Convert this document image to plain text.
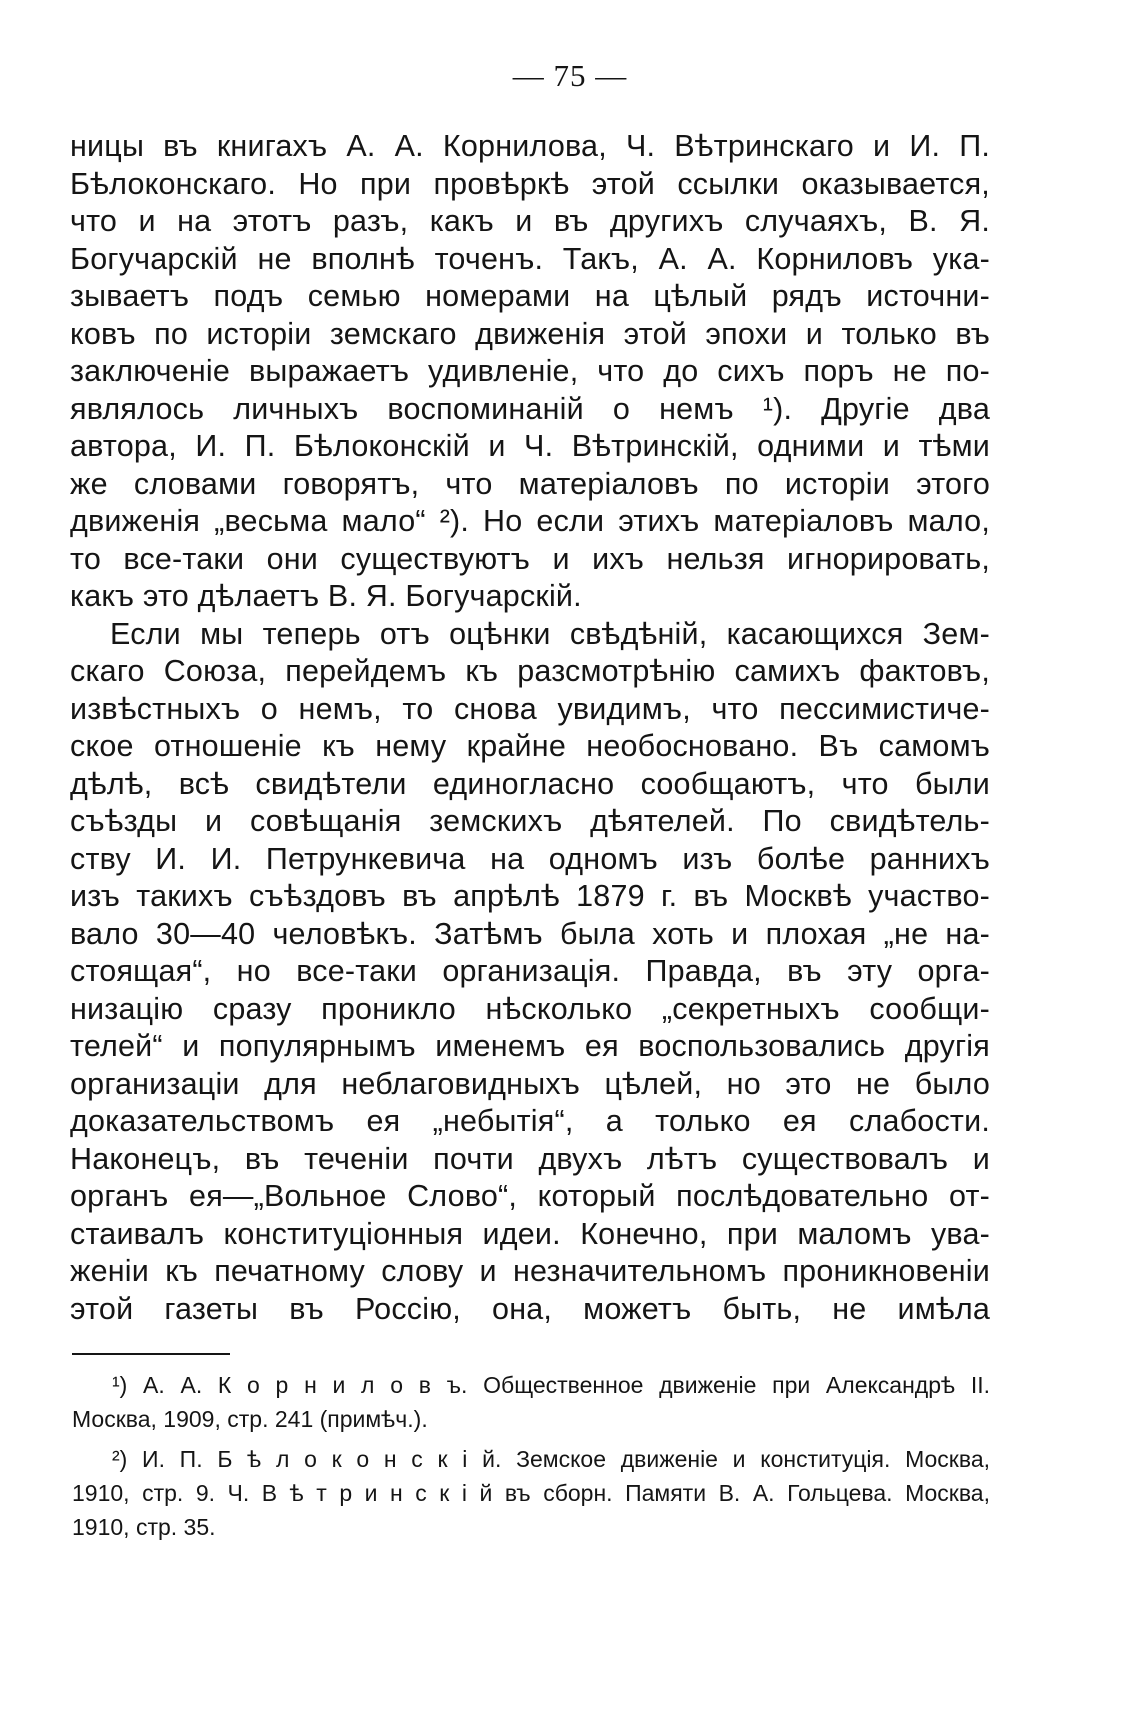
— 75 —
ницы въ книгахъ А. А. Корнилова, Ч. Вѣтринскаго и И. П.
Бѣлоконскаго. Но при провѣркѣ этой ссылки оказывается,
что и на этотъ разъ, какъ и въ другихъ случаяхъ, В. Я.
Богучарскій не вполнѣ точенъ. Такъ, А. А. Корниловъ ука-
зываетъ подъ семью номерами на цѣлый рядъ источни-
ковъ по исторіи земскаго движенія этой эпохи и только въ
заключеніе выражаетъ удивленіе, что до сихъ поръ не по-
являлось личныхъ воспоминаній о немъ ¹). Другіе два
автора, И. П. Бѣлоконскій и Ч. Вѣтринскій, одними и тѣми
же словами говорятъ, что матеріаловъ по исторіи этого
движенія „весьма мало“ ²). Но если этихъ матеріаловъ мало,
то все-таки они существуютъ и ихъ нельзя игнорировать,
какъ это дѣлаетъ В. Я. Богучарскій.
Если мы теперь отъ оцѣнки свѣдѣній, касающихся Зем-
скаго Союза, перейдемъ къ разсмотрѣнію самихъ фактовъ,
извѣстныхъ о немъ, то снова увидимъ, что пессимистиче-
ское отношеніе къ нему крайне необоснованo. Въ самомъ
дѣлѣ, всѣ свидѣтели единогласно сообщаютъ, что были
съѣзды и совѣщанія земскихъ дѣятелей. По свидѣтель-
ству И. И. Петрункевича на одномъ изъ болѣе раннихъ
изъ такихъ съѣздовъ въ апрѣлѣ 1879 г. въ Москвѣ участво-
вало 30—40 человѣкъ. Затѣмъ была хоть и плохая „не на-
стоящая“, но все-таки организація. Правда, въ эту орга-
низацію сразу проникло нѣсколько „секретныхъ сообщи-
телей“ и популярнымъ именемъ ея воспользовались другія
организаціи для неблаговидныхъ цѣлей, но это не было
доказательствомъ ея „небытія“, а только ея слабости.
Наконецъ, въ теченіи почти двухъ лѣтъ существовалъ и
органъ ея—„Вольное Слово“, который послѣдовательно от-
стаивалъ конституціонныя идеи. Конечно, при маломъ ува-
женіи къ печатному слову и незначительномъ проникновеніи
этой газеты въ Россію, она, можетъ быть, не имѣла
¹) А. А. К о р н и л о в ъ. Общественное движеніе при Александрѣ II.
Москва, 1909, стр. 241 (примѣч.).
²) И. П. Б ѣ л о к о н с к і й. Земское движеніе и конституція. Москва,
1910, стр. 9. Ч. В ѣ т р и н с к і й въ сборн. Памяти В. А. Гольцева. Москва,
1910, стр. 35.
